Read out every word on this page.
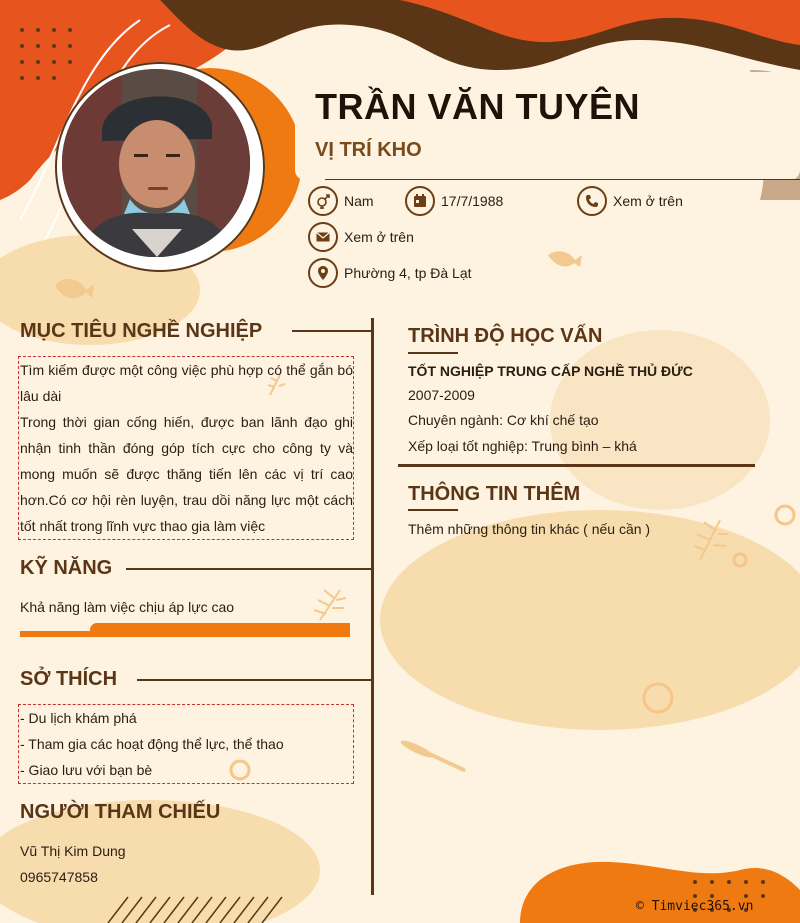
TRẦN VĂN TUYÊN
VỊ TRÍ KHO
Nam	17/7/1988	Xem ở trên
Xem ở trên
Phường 4, tp Đà Lạt
MỤC TIÊU NGHỀ NGHIỆP
Tìm kiếm được một công việc phù hợp có thể gắn bó lâu dài
Trong thời gian cống hiến, được ban lãnh đạo ghi nhận tinh thần đóng góp tích cực cho công ty và mong muốn sẽ được thăng tiến lên các vị trí cao hơn.Có cơ hội rèn luyện, trau dồi năng lực một cách tốt nhất trong lĩnh vực thao gia làm việc
KỸ NĂNG
Khả năng làm việc chịu áp lực cao
SỞ THÍCH
- Du lịch khám phá
- Tham gia các hoạt động thể lực, thể thao
- Giao lưu với bạn bè
NGƯỜI THAM CHIẾU
Vũ Thị Kim Dung
0965747858
TRÌNH ĐỘ HỌC VẤN
TỐT NGHIỆP TRUNG CẤP NGHỀ THỦ ĐỨC
2007-2009
Chuyên ngành: Cơ khí chế tạo
Xếp loại tốt nghiệp: Trung bình – khá
THÔNG TIN THÊM
Thêm những thông tin khác ( nếu cần )
© Timviec365.vn
